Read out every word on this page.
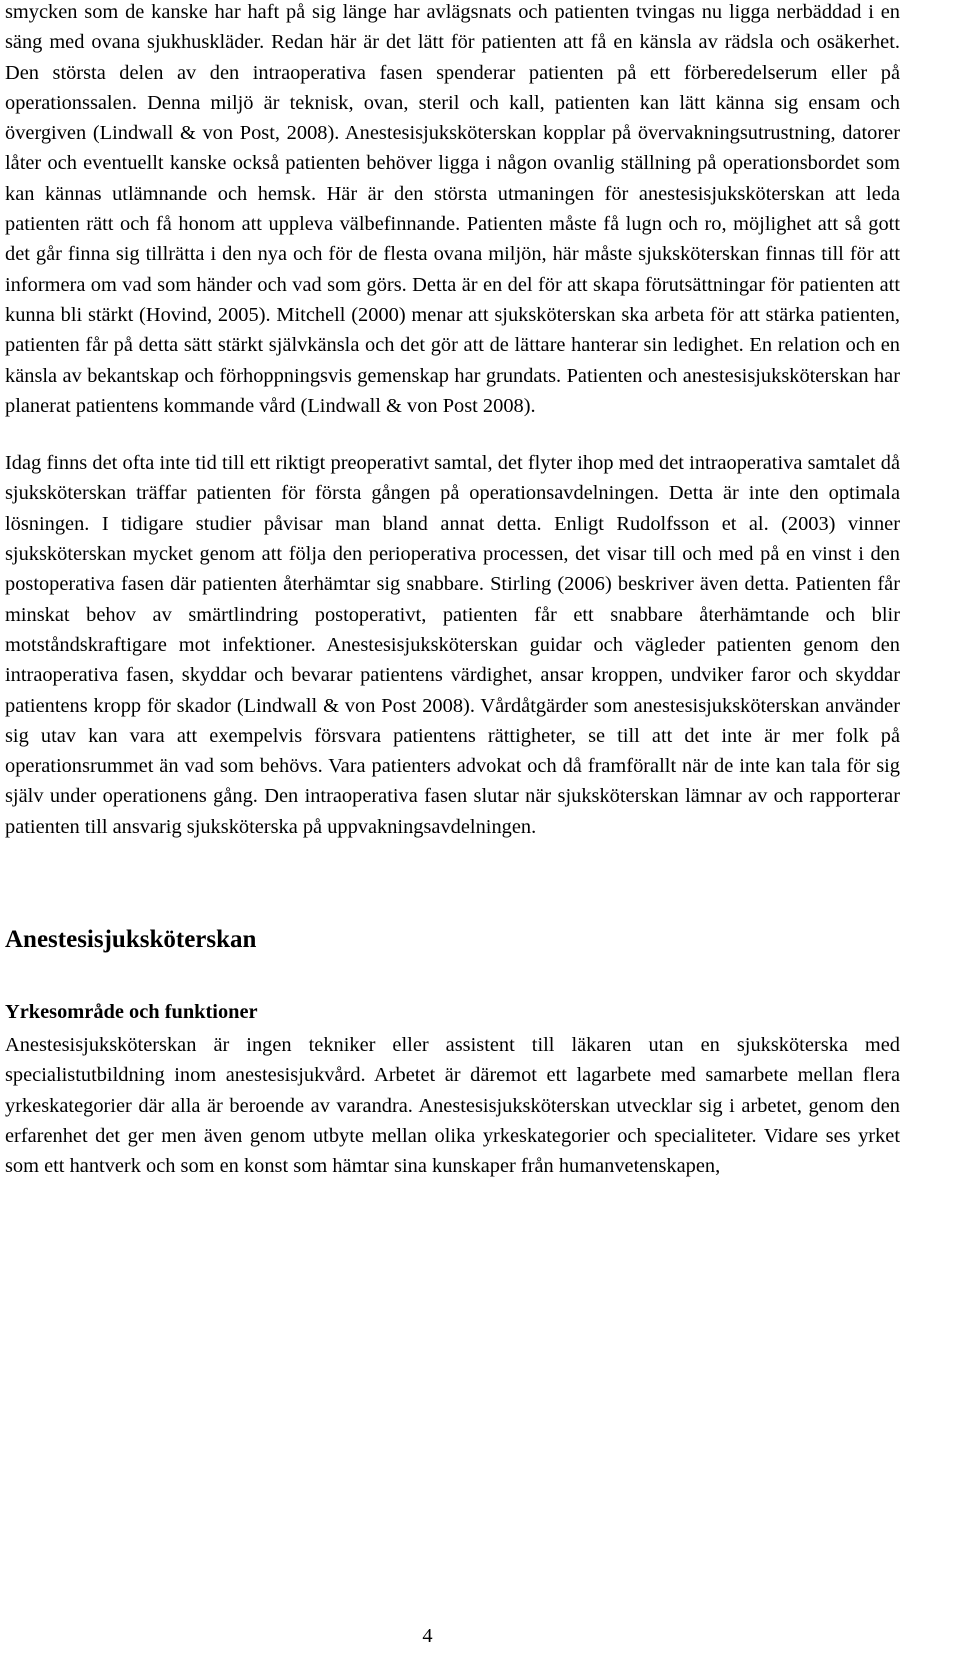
smycken som de kanske har haft på sig länge har avlägsnats och patienten tvingas nu ligga nerbäddad i en säng med ovana sjukhuskläder. Redan här är det lätt för patienten att få en känsla av rädsla och osäkerhet. Den största delen av den intraoperativa fasen spenderar patienten på ett förberedelserum eller på operationssalen. Denna miljö är teknisk, ovan, steril och kall, patienten kan lätt känna sig ensam och övergiven (Lindwall & von Post, 2008). Anestesisjuksköterskan kopplar på övervakningsutrustning, datorer låter och eventuellt kanske också patienten behöver ligga i någon ovanlig ställning på operationsbordet som kan kännas utlämnande och hemsk. Här är den största utmaningen för anestesisjuksköterskan att leda patienten rätt och få honom att uppleva välbefinnande. Patienten måste få lugn och ro, möjlighet att så gott det går finna sig tillrätta i den nya och för de flesta ovana miljön, här måste sjuksköterskan finnas till för att informera om vad som händer och vad som görs. Detta är en del för att skapa förutsättningar för patienten att kunna bli stärkt (Hovind, 2005). Mitchell (2000) menar att sjuksköterskan ska arbeta för att stärka patienten, patienten får på detta sätt stärkt självkänsla och det gör att de lättare hanterar sin ledighet. En relation och en känsla av bekantskap och förhoppningsvis gemenskap har grundats. Patienten och anestesisjuksköterskan har planerat patientens kommande vård (Lindwall & von Post 2008).

Idag finns det ofta inte tid till ett riktigt preoperativt samtal, det flyter ihop med det intraoperativa samtalet då sjuksköterskan träffar patienten för första gången på operationsavdelningen. Detta är inte den optimala lösningen. I tidigare studier påvisar man bland annat detta. Enligt Rudolfsson et al. (2003) vinner sjuksköterskan mycket genom att följa den perioperativa processen, det visar till och med på en vinst i den postoperativa fasen där patienten återhämtar sig snabbare. Stirling (2006) beskriver även detta. Patienten får minskat behov av smärtlindring postoperativt, patienten får ett snabbare återhämtande och blir motståndskraftigare mot infektioner. Anestesisjuksköterskan guidar och vägleder patienten genom den intraoperativa fasen, skyddar och bevarar patientens värdighet, ansar kroppen, undviker faror och skyddar patientens kropp för skador (Lindwall & von Post 2008). Vårdåtgärder som anestesisjuksköterskan använder sig utav kan vara att exempelvis försvara patientens rättigheter, se till att det inte är mer folk på operationsrummet än vad som behövs. Vara patienters advokat och då framförallt när de inte kan tala för sig själv under operationens gång. Den intraoperativa fasen slutar när sjuksköterskan lämnar av och rapporterar patienten till ansvarig sjuksköterska på uppvakningsavdelningen.

Anestesisjuksköterskan
Yrkesområde och funktioner

Anestesisjuksköterskan är ingen tekniker eller assistent till läkaren utan en sjuksköterska med specialistutbildning inom anestesisjukvård. Arbetet är däremot ett lagarbete med samarbete mellan flera yrkeskategorier där alla är beroende av varandra. Anestesisjuksköterskan utvecklar sig i arbetet, genom den erfarenhet det ger men även genom utbyte mellan olika yrkeskategorier och specialiteter. Vidare ses yrket som ett hantverk och som en konst som hämtar sina kunskaper från humanvetenskapen,

4
